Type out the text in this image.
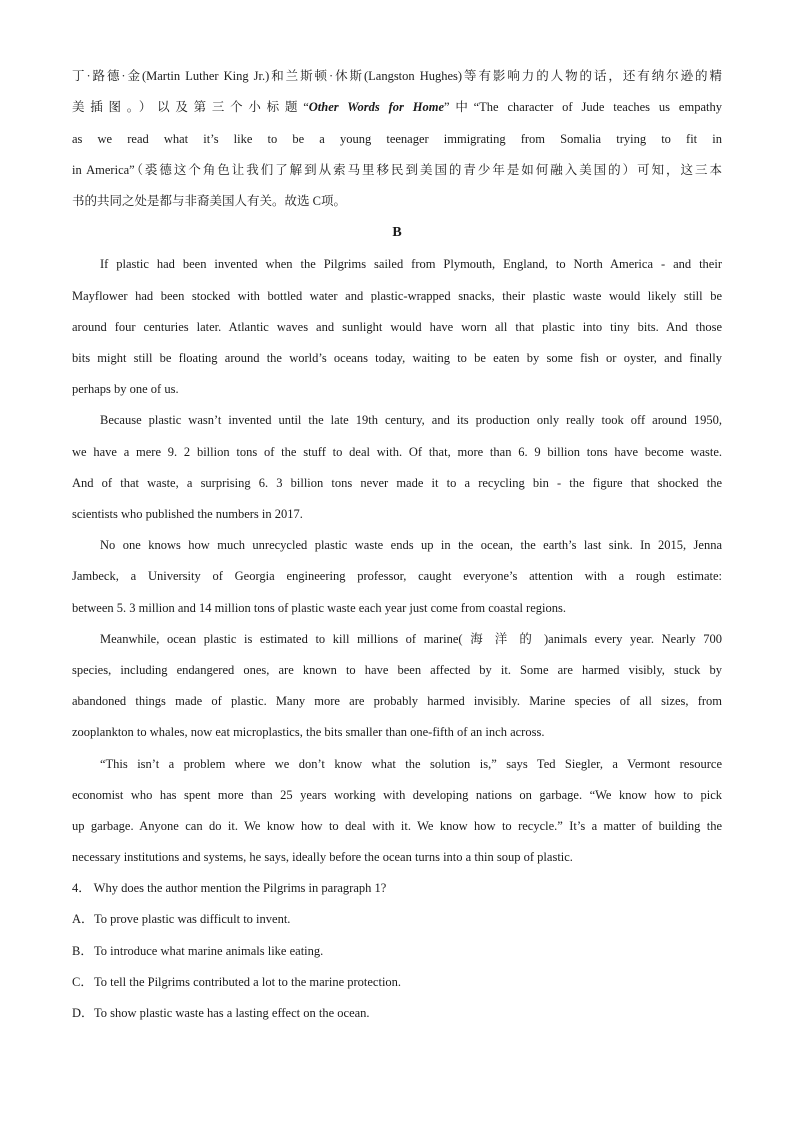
丁·路德·金(Martin Luther King Jr.)和兰斯顿·休斯(Langston Hughes)等有影响力的人物的话，还有纳尔逊的精
美插图。）以及第三个小标题“Other Words for Home”中“The character of Jude teaches us empathy
as we read what it’s like to be a young teenager immigrating from Somalia trying to fit in
in America”（裘德这个角色让我们了解到从索马里移民到美国的青少年是如何融入美国的）可知，这三本
书的共同之处是都与非裔美国人有关。故选 C项。
B
If plastic had been invented when the Pilgrims sailed from Plymouth, England, to North America - and their
Mayflower had been stocked with bottled water and plastic-wrapped snacks, their plastic waste would likely still be
around four centuries later. Atlantic waves and sunlight would have worn all that plastic into tiny bits. And those
bits might still be floating around the world’s oceans today, waiting to be eaten by some fish or oyster, and finally
perhaps by one of us.
Because plastic wasn’t invented until the late 19th century, and its production only really took off around 1950,
we have a mere 9. 2 billion tons of the stuff to deal with. Of that, more than 6. 9 billion tons have become waste.
And of that waste, a surprising 6. 3 billion tons never made it to a recycling bin - the figure that shocked the
scientists who published the numbers in 2017.
No one knows how much unrecycled plastic waste ends up in the ocean, the earth’s last sink. In 2015, Jenna
Jambeck, a University of Georgia engineering professor, caught everyone’s attention with a rough estimate:
between 5. 3 million and 14 million tons of plastic waste each year just come from coastal regions.
Meanwhile, ocean plastic is estimated to kill millions of marine( 海 洋 的 )animals every year. Nearly 700
species, including endangered ones, are known to have been affected by it. Some are harmed visibly, stuck by
abandoned things made of plastic. Many more are probably harmed invisibly. Marine species of all sizes, from
zooplankton to whales, now eat microplastics, the bits smaller than one-fifth of an inch across.
“This isn’t a problem where we don’t know what the solution is,” says Ted Siegler, a Vermont resource
economist who has spent more than 25 years working with developing nations on garbage. “We know how to pick
up garbage. Anyone can do it. We know how to deal with it. We know how to recycle.” It’s a matter of building the
necessary institutions and systems, he says, ideally before the ocean turns into a thin soup of plastic.
4． Why does the author mention the Pilgrims in paragraph 1?
A．To prove plastic was difficult to invent.
B．To introduce what marine animals like eating.
C．To tell the Pilgrims contributed a lot to the marine protection.
D．To show plastic waste has a lasting effect on the ocean.
